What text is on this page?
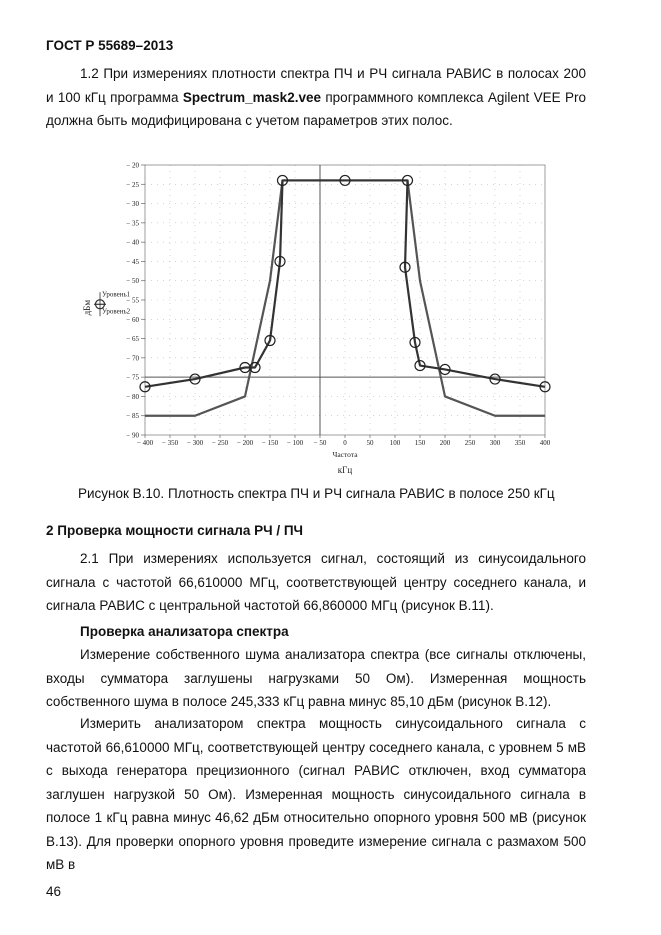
ГОСТ Р 55689–2013
1.2 При измерениях плотности спектра ПЧ и РЧ сигнала РАВИС в полосах 200 и 100 кГц программа Spectrum_mask2.vee программного комплекса Agilent VEE Pro должна быть модифицирована с учетом параметров этих полос.
− 20
− 25
− 30
− 35
− 40
− 45
− 50
− 55
− 60
− 65
− 70
− 75
− 80
− 85
− 90
− 400 − 350 − 300 − 250 − 200 − 150 − 100 − 50 0	50 100 150 200 250 300 350 400
Частота
кГц
дБм
Уровень1
Уровень2
Рисунок В.10. Плотность спектра ПЧ и РЧ сигнала РАВИС в полосе 250 кГц
2 Проверка мощности сигнала РЧ / ПЧ
2.1 При измерениях используется сигнал, состоящий из синусоидального сигнала с частотой 66,610000 МГц, соответствующей центру соседнего канала, и сигнала РАВИС с центральной частотой 66,860000 МГц (рисунок В.11).
Проверка анализатора спектра
Измерение собственного шума анализатора спектра (все сигналы отключены, входы сумматора заглушены нагрузками 50 Ом). Измеренная мощность собственного шума в полосе 245,333 кГц равна минус 85,10 дБм (рисунок В.12).
Измерить анализатором спектра мощность синусоидального сигнала с частотой 66,610000 МГц, соответствующей центру соседнего канала, с уровнем 5 мВ с выхода генератора прецизионного (сигнал РАВИС отключен, вход сумматора заглушен нагрузкой 50 Ом). Измеренная мощность синусоидального сигнала в полосе 1 кГц равна минус 46,62 дБм относительно опорного уровня 500 мВ (рисунок В.13). Для проверки опорного уровня проведите измерение сигнала с размахом 500 мВ в
46
